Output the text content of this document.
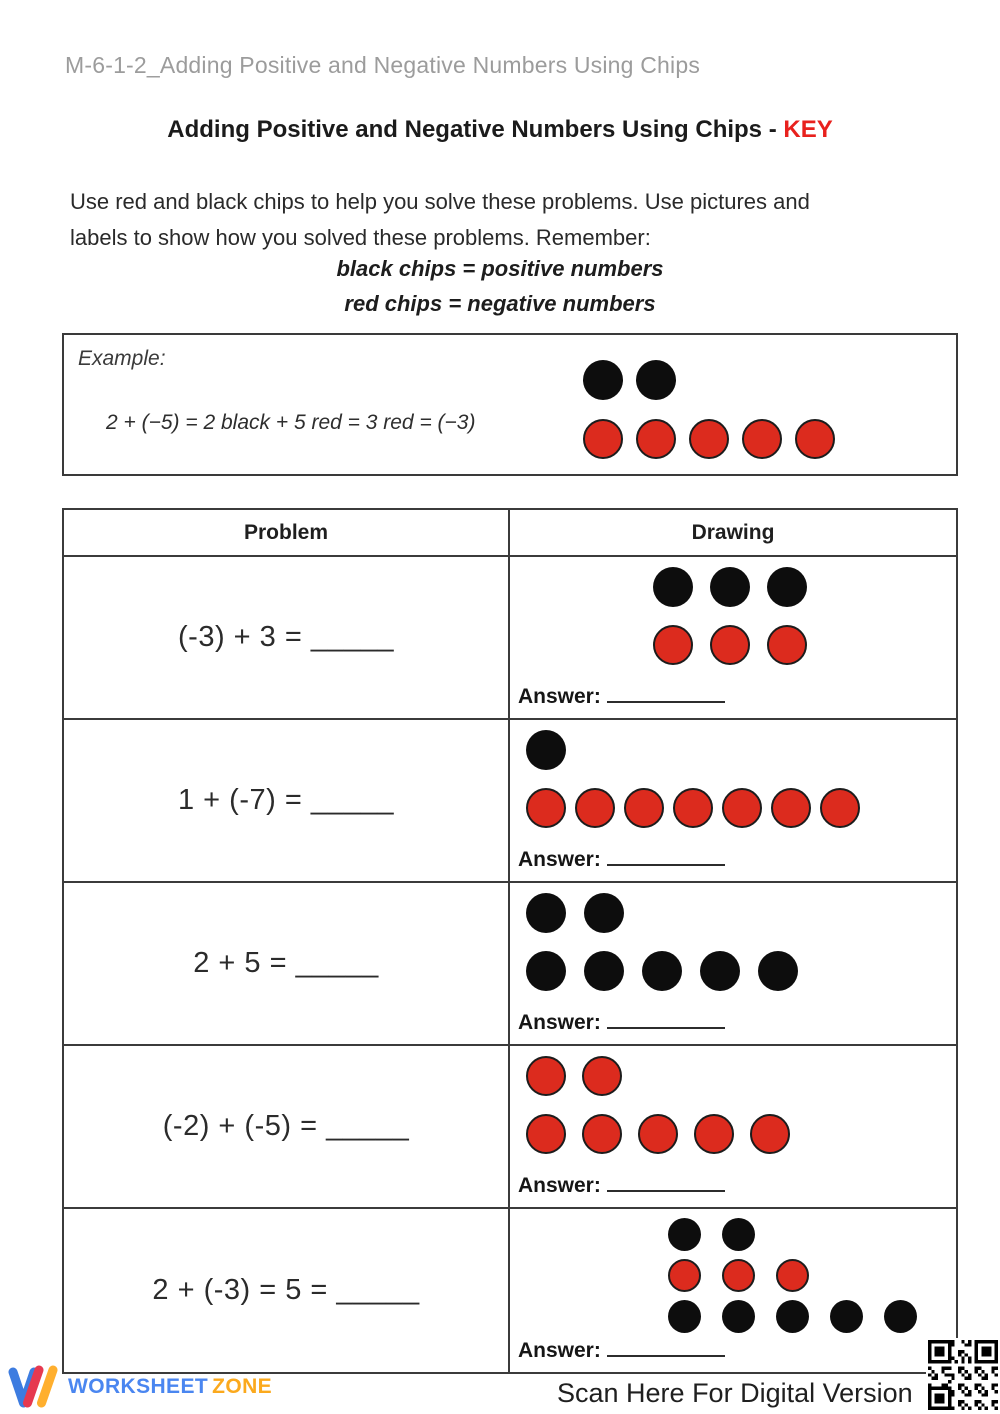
M-6-1-2_Adding Positive and Negative Numbers Using Chips
Adding Positive and Negative Numbers Using Chips - KEY
Use red and black chips to help you solve these problems. Use pictures and
labels to show how you solved these problems. Remember:
black chips = positive numbers
red chips = negative numbers
Example:
2 + (−5) = 2 black + 5 red = 3 red = (−3)
Problem	Drawing
(-3) + 3 = _____
Answer:
1 + (-7) = _____
Answer:
2 + 5 = _____
Answer:
(-2) + (-5) = _____
Answer:
2 + (-3) = 5 = _____
Answer:
WORKSHEET ZONE	Scan Here For Digital Version
